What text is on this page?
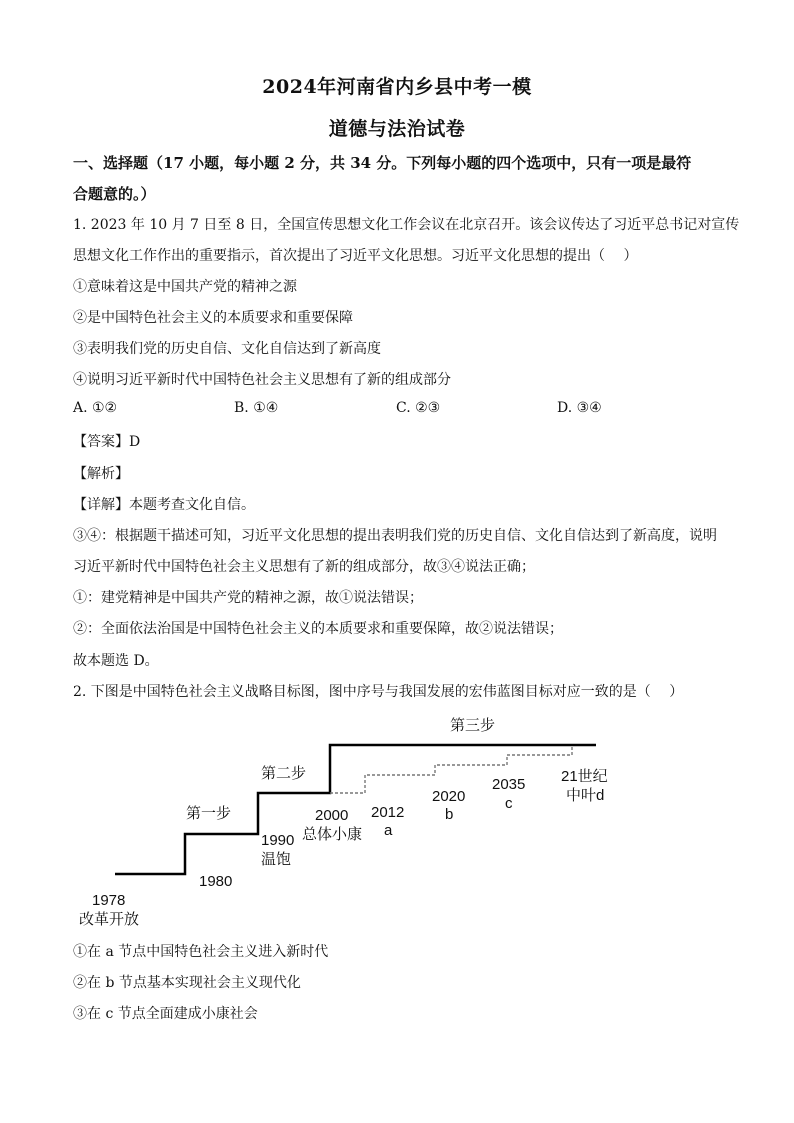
2024年河南省内乡县中考一模
道德与法治试卷
一、选择题（17 小题，每小题 2 分，共 34 分。下列每小题的四个选项中，只有一项是最符
合题意的。）
1. 2023 年 10 月 7 日至 8 日，全国宣传思想文化工作会议在北京召开。该会议传达了习近平总书记对宣传
思想文化工作作出的重要指示，首次提出了习近平文化思想。习近平文化思想的提出（　 ）
①意味着这是中国共产党的精神之源
②是中国特色社会主义的本质要求和重要保障
③表明我们党的历史自信、文化自信达到了新高度
④说明习近平新时代中国特色社会主义思想有了新的组成部分
A. ①②	B. ①④	C. ②③	D. ③④
【答案】D
【解析】
【详解】本题考查文化自信。
③④：根据题干描述可知，习近平文化思想的提出表明我们党的历史自信、文化自信达到了新高度，说明
习近平新时代中国特色社会主义思想有了新的组成部分，故③④说法正确；
①：建党精神是中国共产党的精神之源，故①说法错误；
②：全面依法治国是中国特色社会主义的本质要求和重要保障，故②说法错误；
故本题选 D。
2. 下图是中国特色社会主义战略目标图，图中序号与我国发展的宏伟蓝图目标对应一致的是（　 ）
第三步
第二步
第一步
1978
改革开放
1980
1990
温饱
2000
总体小康
2012
a
2020
b
2035
c
21世纪
中叶d
①在 a 节点中国特色社会主义进入新时代
②在 b 节点基本实现社会主义现代化
③在 c 节点全面建成小康社会
